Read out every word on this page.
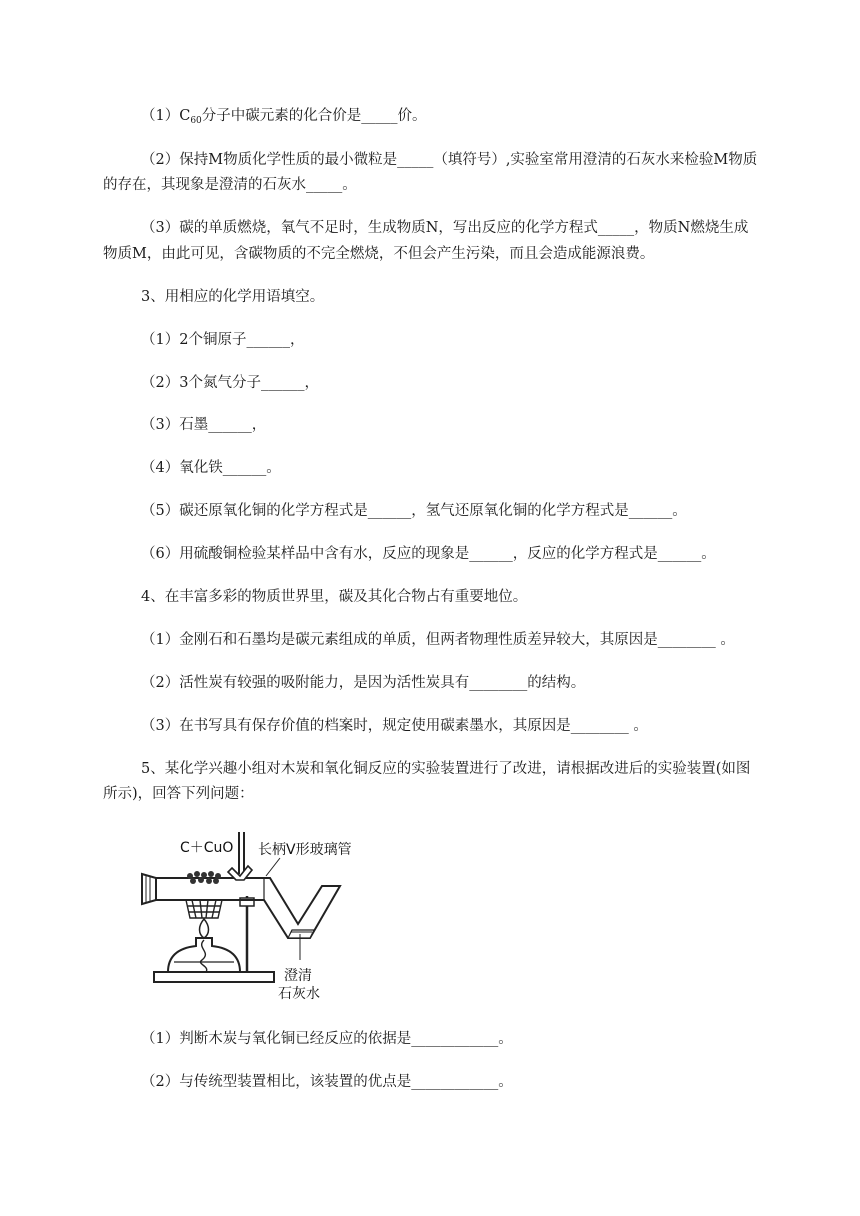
$(1)C_{60}$分子中碳元素的化合价是_____价。
（2）保持M物质化学性质的最小微粒是_____（填符号）,实验室常用澄清的石灰水来检验M物质
的存在，其现象是澄清的石灰水_____。
（3）碳的单质燃烧，氧气不足时，生成物质N，写出反应的化学方程式_____，物质N燃烧生成
物质M，由此可见，含碳物质的不完全燃烧，不但会产生污染，而且会造成能源浪费。
3、用相应的化学用语填空。
（1）2个铜原子______，
（2）3个氮气分子______，
（3）石墨______，
（4）氧化铁______。
（5）碳还原氧化铜的化学方程式是______，氢气还原氧化铜的化学方程式是______。
（6）用硫酸铜检验某样品中含有水，反应的现象是______，反应的化学方程式是______。
4、在丰富多彩的物质世界里，碳及其化合物占有重要地位。
（1）金刚石和石墨均是碳元素组成的单质，但两者物理性质差异较大，其原因是________ 。
（2）活性炭有较强的吸附能力，是因为活性炭具有________的结构。
（3）在书写具有保存价值的档案时，规定使用碳素墨水，其原因是________ 。
5、某化学兴趣小组对木炭和氧化铜反应的实验装置进行了改进，请根据改进后的实验装置(如图
所示)，回答下列问题：
C＋CuO 长柄V形玻璃管
澄清
石灰水
（1）判断木炭与氧化铜已经反应的依据是____________。
（2）与传统型装置相比，该装置的优点是____________。
